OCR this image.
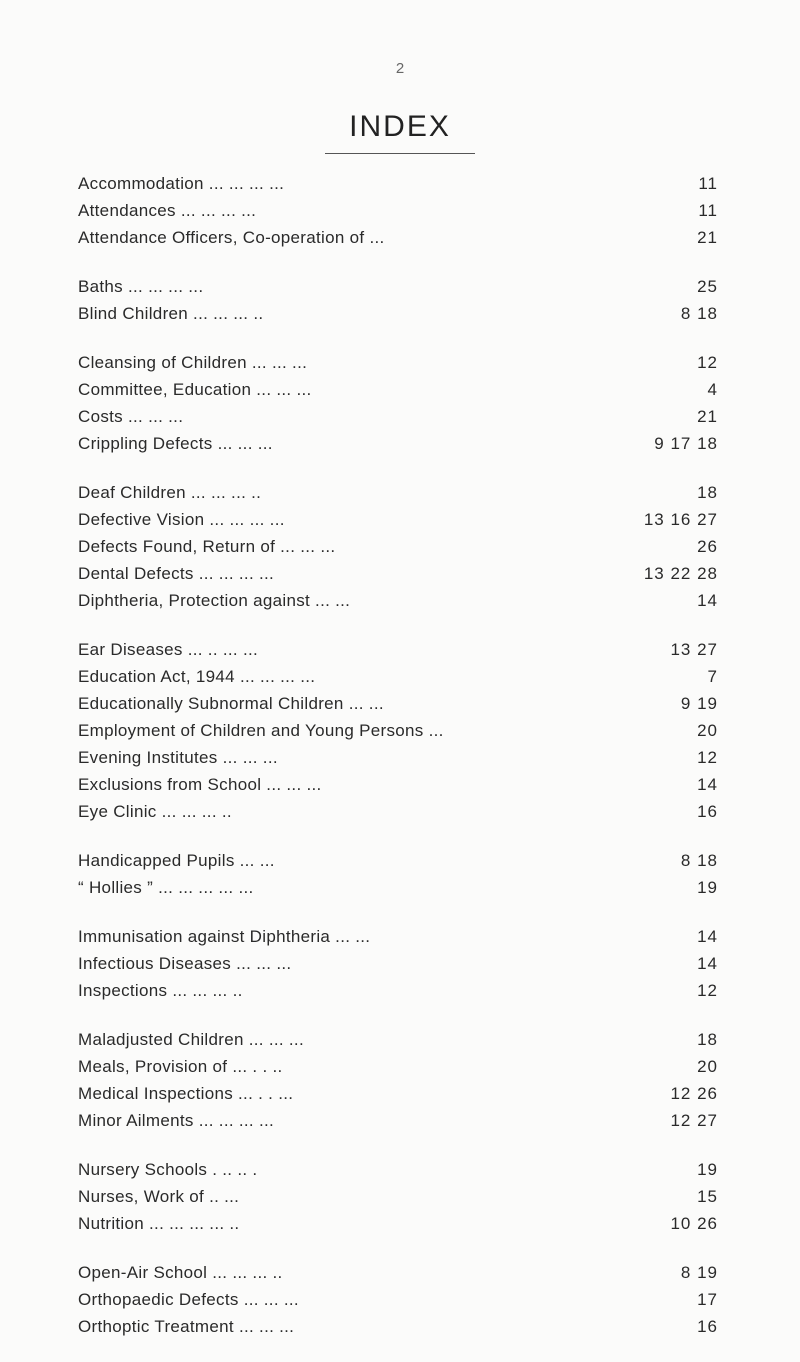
2
INDEX
Accommodation ... ... ... ...	11
Attendances ... ... ... ...	11
Attendance Officers, Co-operation of ...	21
Baths ... ... ... ...	25
Blind Children ... ... ... ..	8 18
Cleansing of Children ... ... ...	12
Committee, Education ... ... ...	4
Costs ... ... ...	21
Crippling Defects ... ... ...	9 17 18
Deaf Children ... ... ... ..	18
Defective Vision ... ... ... ...	13 16 27
Defects Found, Return of ... ... ...	26
Dental Defects ... ... ... ...	13 22 28
Diphtheria, Protection against ... ...	14
Ear Diseases ... .. ... ...	13 27
Education Act, 1944 ... ... ... ...	7
Educationally Subnormal Children ... ...	9 19
Employment of Children and Young Persons ...	20
Evening Institutes ... ... ...	12
Exclusions from School ... ... ...	14
Eye Clinic ... ... ... ..	16
Handicapped Pupils ... ...	8 18
“ Hollies ” ... ... ... ... ...	19
Immunisation against Diphtheria ... ...	14
Infectious Diseases ... ... ...	14
Inspections ... ... ... ..	12
Maladjusted Children ... ... ...	18
Meals, Provision of ... . . ..	20
Medical Inspections ... . . ...	12 26
Minor Ailments ... ... ... ...	12 27
Nursery Schools . .. .. .	19
Nurses, Work of .. ...	15
Nutrition ... ... ... ... ..	10 26
Open-Air School ... ... ... ..	8 19
Orthopaedic Defects ... ... ...	17
Orthoptic Treatment ... ... ...	16
